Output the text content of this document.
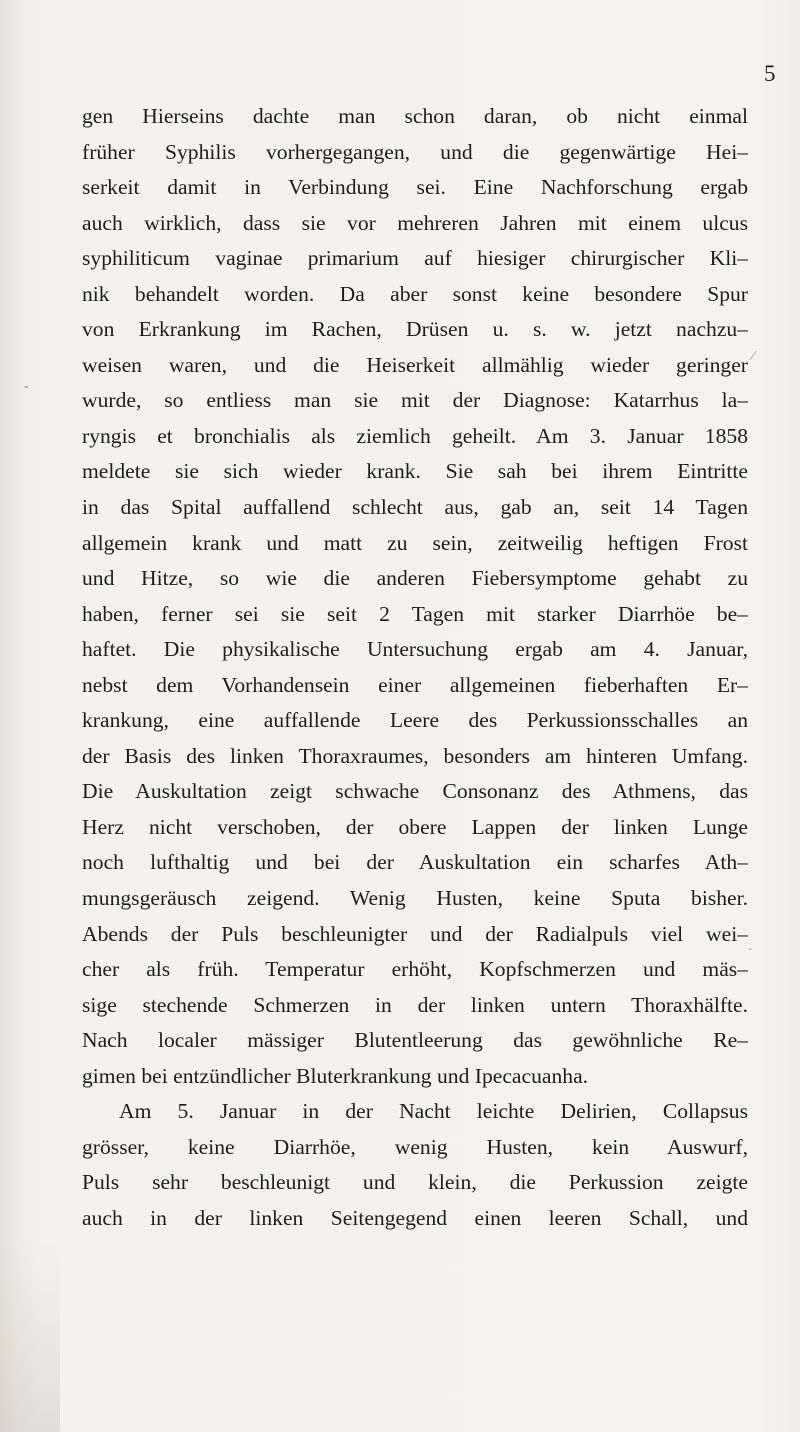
5

⁄
-
·
gen Hierseins dachte man schon daran, ob nicht einmal
früher Syphilis vorhergegangen, und die gegenwärtige Hei–
serkeit damit in Verbindung sei. Eine Nachforschung ergab
auch wirklich, dass sie vor mehreren Jahren mit einem ulcus
syphiliticum vaginae primarium auf hiesiger chirurgischer Kli–
nik behandelt worden. Da aber sonst keine besondere Spur
von Erkrankung im Rachen, Drüsen u. s. w. jetzt nachzu–
weisen waren, und die Heiserkeit allmählig wieder geringer
wurde, so entliess man sie mit der Diagnose: Katarrhus la–
ryngis et bronchialis als ziemlich geheilt. Am 3. Januar 1858
meldete sie sich wieder krank. Sie sah bei ihrem Eintritte
in das Spital auffallend schlecht aus, gab an, seit 14 Tagen
allgemein krank und matt zu sein, zeitweilig heftigen Frost
und Hitze, so wie die anderen Fiebersymptome gehabt zu
haben, ferner sei sie seit 2 Tagen mit starker Diarrhöe be–
haftet. Die physikalische Untersuchung ergab am 4. Januar,
nebst dem Vorhandensein einer allgemeinen fieberhaften Er–
krankung, eine auffallende Leere des Perkussionsschalles an
der Basis des linken Thoraxraumes, besonders am hinteren Umfang.
Die Auskultation zeigt schwache Consonanz des Athmens, das
Herz nicht verschoben, der obere Lappen der linken Lunge
noch lufthaltig und bei der Auskultation ein scharfes Ath–
mungsgeräusch zeigend. Wenig Husten, keine Sputa bisher.
Abends der Puls beschleunigter und der Radialpuls viel wei–
cher als früh. Temperatur erhöht, Kopfschmerzen und mäs–
sige stechende Schmerzen in der linken untern Thoraxhälfte.
Nach localer mässiger Blutentleerung das gewöhnliche Re–
gimen bei entzündlicher Bluterkrankung und Ipecacuanha.
Am 5. Januar in der Nacht leichte Delirien, Collapsus
grösser, keine Diarrhöe, wenig Husten, kein Auswurf,
Puls sehr beschleunigt und klein, die Perkussion zeigte
auch in der linken Seitengegend einen leeren Schall, und
